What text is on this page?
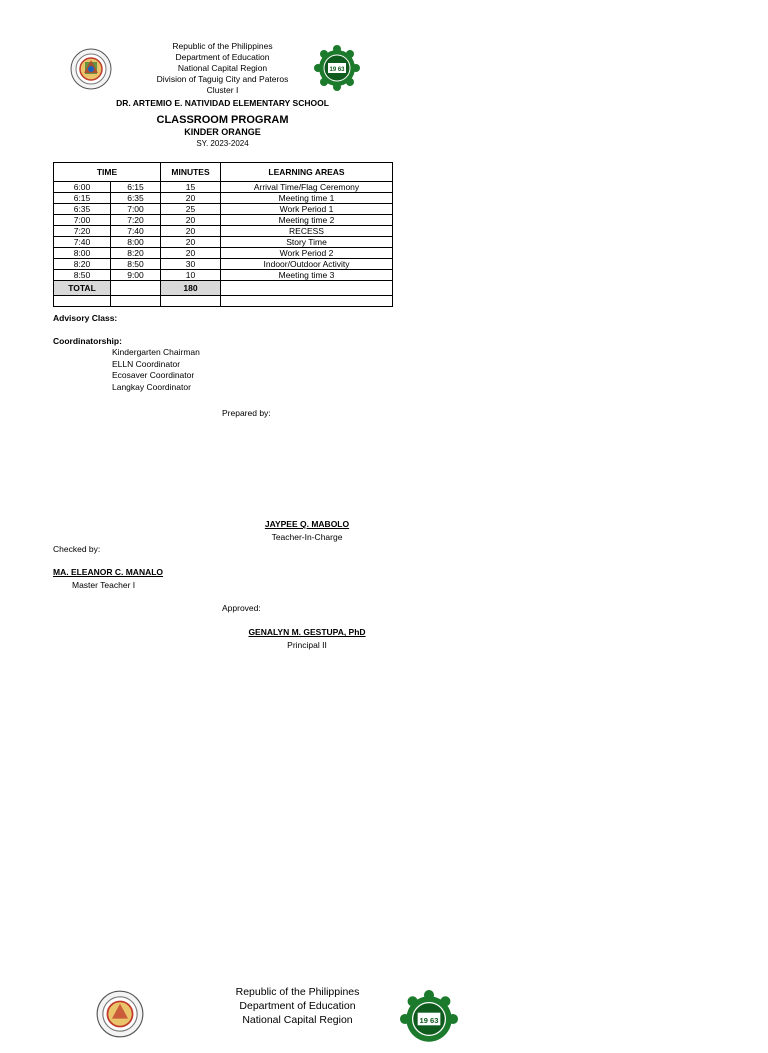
19 63
Republic of the Philippines
Department of Education
National Capital Region
Division of Taguig City and Pateros
Cluster I
DR. ARTEMIO E. NATIVIDAD ELEMENTARY SCHOOL
CLASSROOM PROGRAM
KINDER ORANGE
SY. 2023-2024
TIME		MINUTES	LEARNING AREAS
6:00	6:15	15	Arrival Time/Flag Ceremony
6:15	6:35	20	Meeting time 1
6:35	7:00	25	Work Period 1
7:00	7:20	20	Meeting time 2
7:20	7:40	20	RECESS
7:40	8:00	20	Story Time
8:00	8:20	20	Work Period 2
8:20	8:50	30	Indoor/Outdoor Activity
8:50	9:00	10	Meeting time 3
TOTAL		180	

Advisory Class:
Coordinatorship:
Kindergarten Chairman
ELLN Coordinator
Ecosaver Coordinator
Langkay Coordinator
Prepared by:
JAYPEE Q. MABOLO
Teacher-In-Charge
Checked by:
MA. ELEANOR C. MANALO
Master Teacher I
Approved:
GENALYN M. GESTUPA, PhD
Principal II
19 63
Republic of the Philippines
Department of Education
National Capital Region
